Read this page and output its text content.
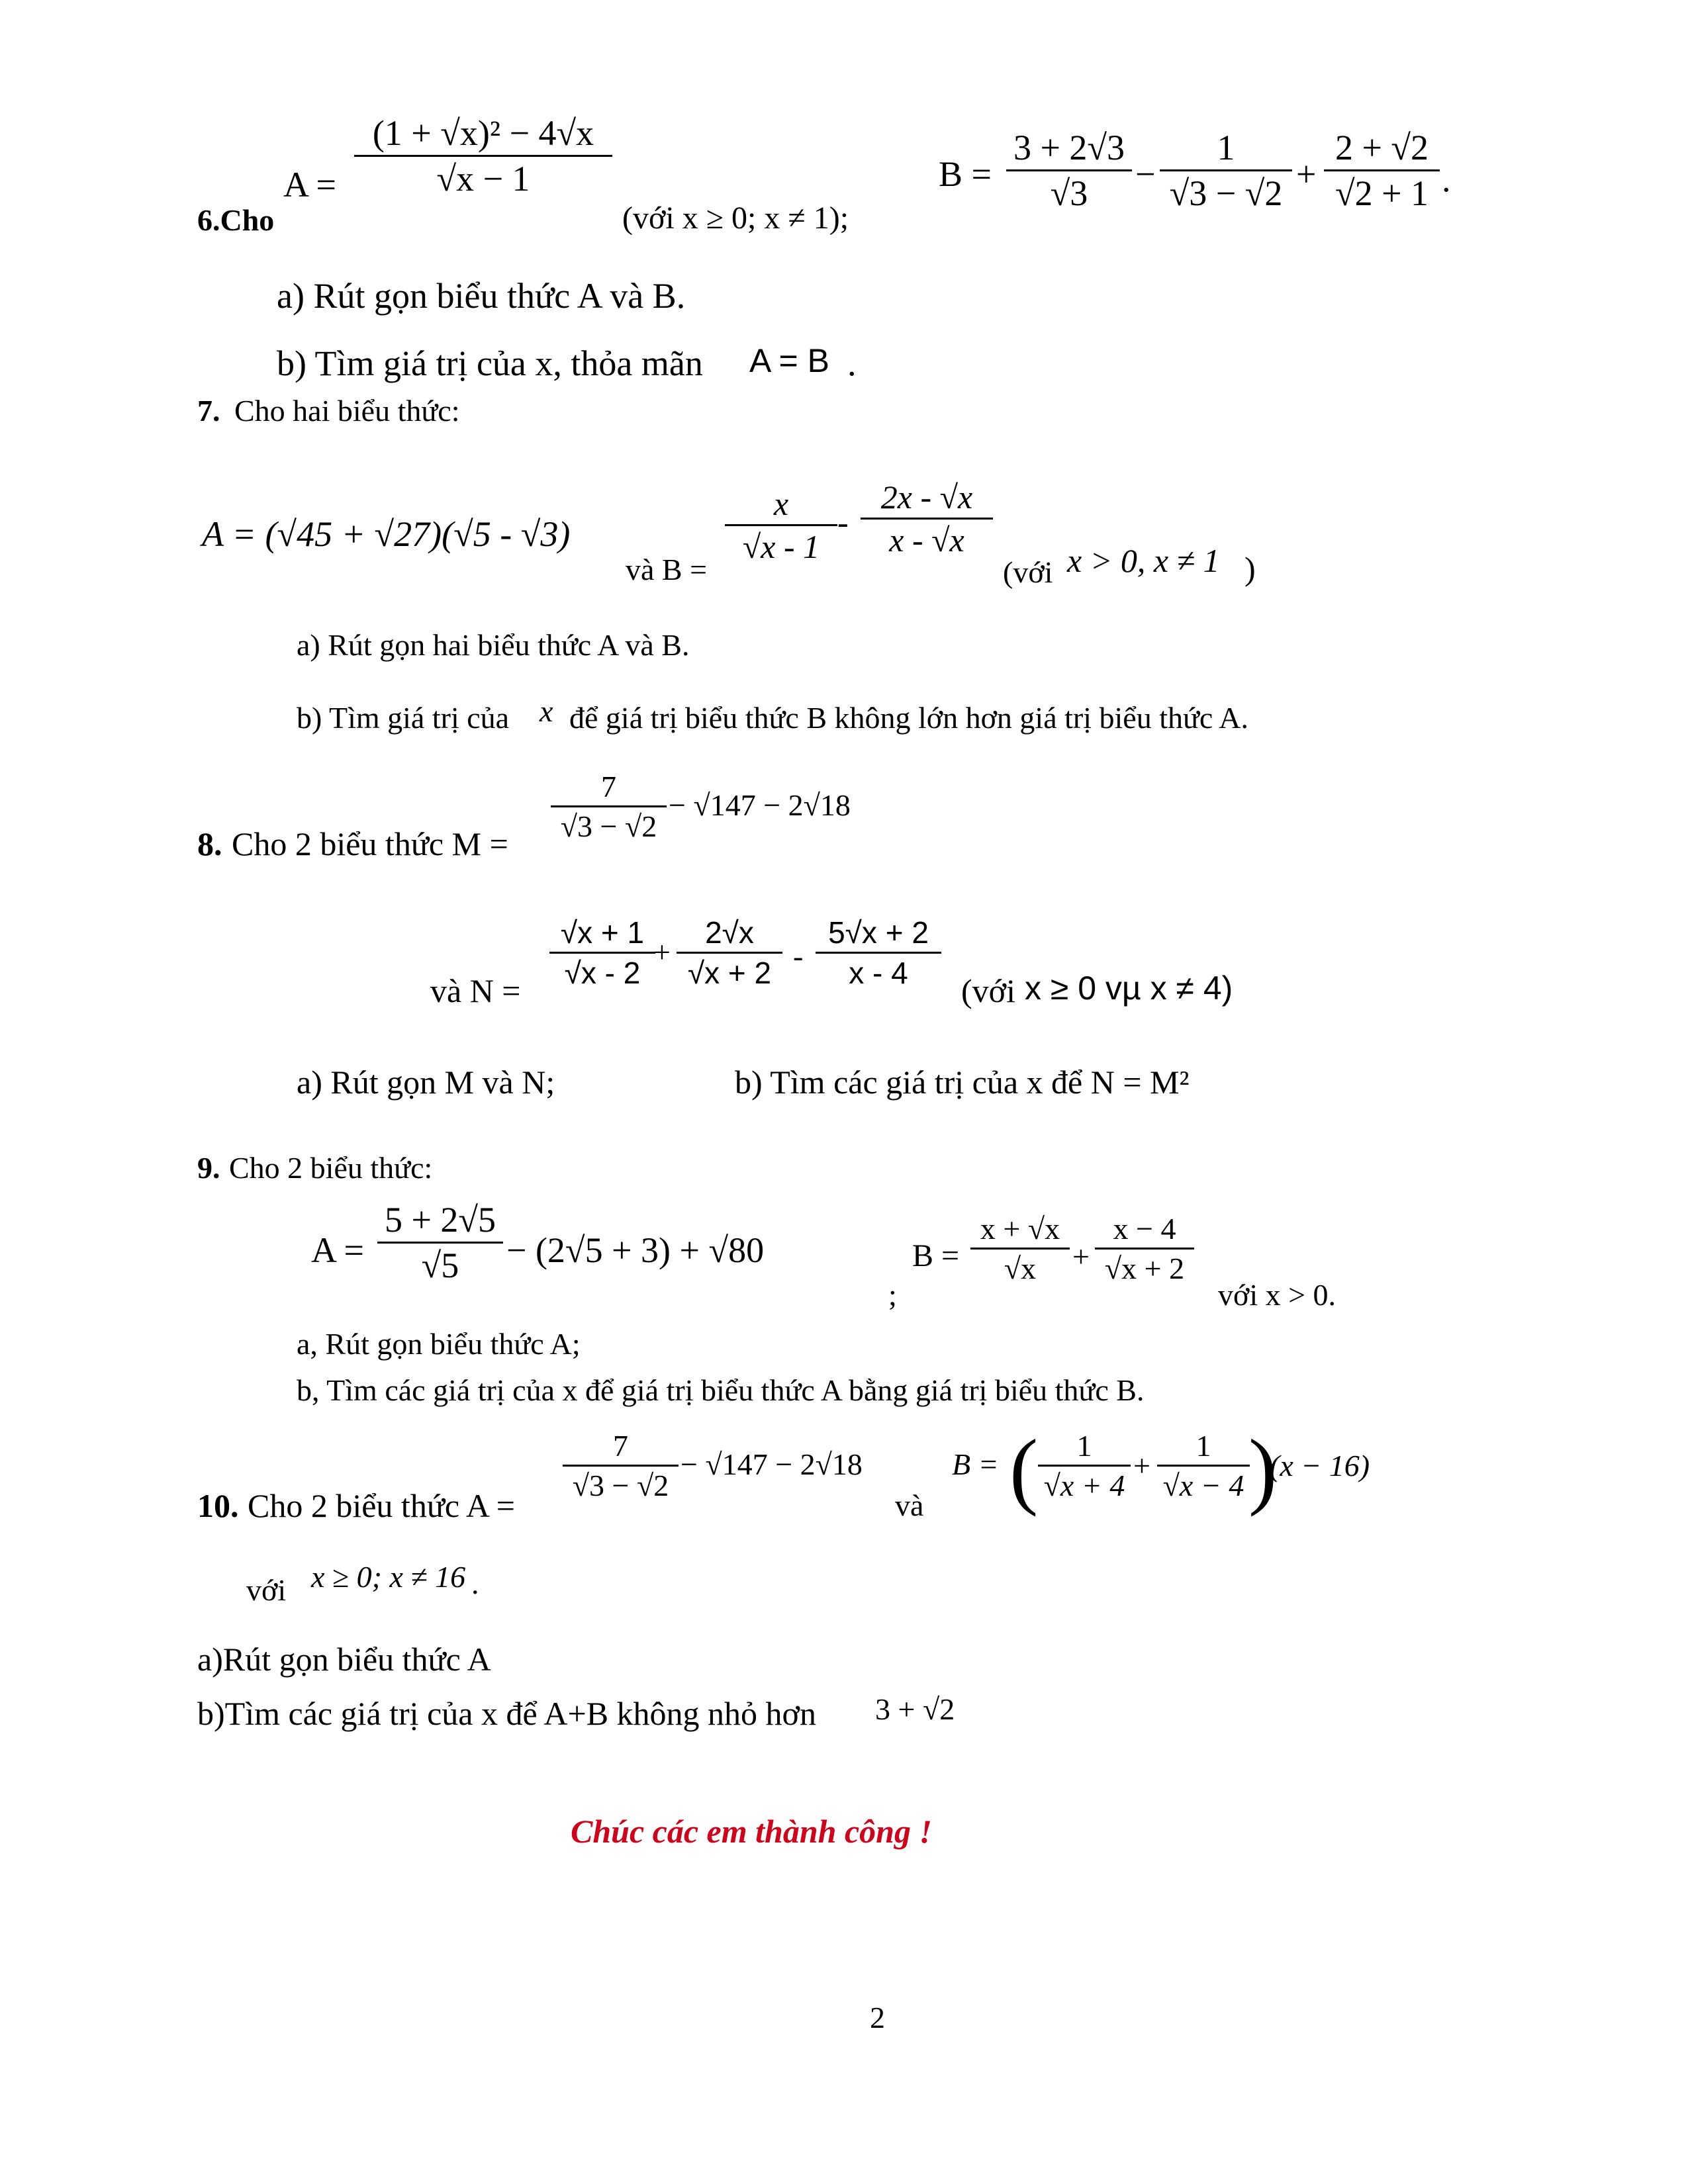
6.Cho
A =
(1 + √x)² − 4√x
√x − 1
(với x ≥ 0; x ≠ 1);
B =
3 + 2√3
√3	−
1
√3 − √2 +
2 + √2
√2 + 1 .
a) Rút gọn biểu thức A và B.
b) Tìm giá trị của x, thỏa mãn A = B .
7. Cho hai biểu thức:
A = (√45 + √27)(√5 - √3)
và B =
x
√x - 1
-
2x - √x
x - √x
(với x > 0, x ≠ 1 )
a) Rút gọn hai biểu thức A và B.
b) Tìm giá trị của x để giá trị biểu thức B không lớn hơn giá trị biểu thức A.
8. Cho 2 biểu thức M =
7
√3 − √2
− √147 − 2√18
và N =
√x + 1
√x - 2
+
2√x
√x + 2 -
5√x + 2
x - 4	(với x ≥ 0 vµ x ≠ 4)
a) Rút gọn M và N;	b) Tìm các giá trị của x để N = M²
9. Cho 2 biểu thức:
A =
5 + 2√5
√5	− (2√5 + 3) + √80
;
B =
x + √x
√x	+
x − 4
√x + 2
với x > 0.
a, Rút gọn biểu thức A;
b, Tìm các giá trị của x để giá trị biểu thức A bằng giá trị biểu thức B.
10. Cho 2 biểu thức A =
7
√3 − √2
− √147 − 2√18
và
B = (	1
√x + 4
+
1
√x − 4 )
(x − 16)
với x ≥ 0; x ≠ 16 .
a)Rút gọn biểu thức A
b)Tìm các giá trị của x để A+B không nhỏ hơn 3 + √2
Chúc các em thành công !
2
